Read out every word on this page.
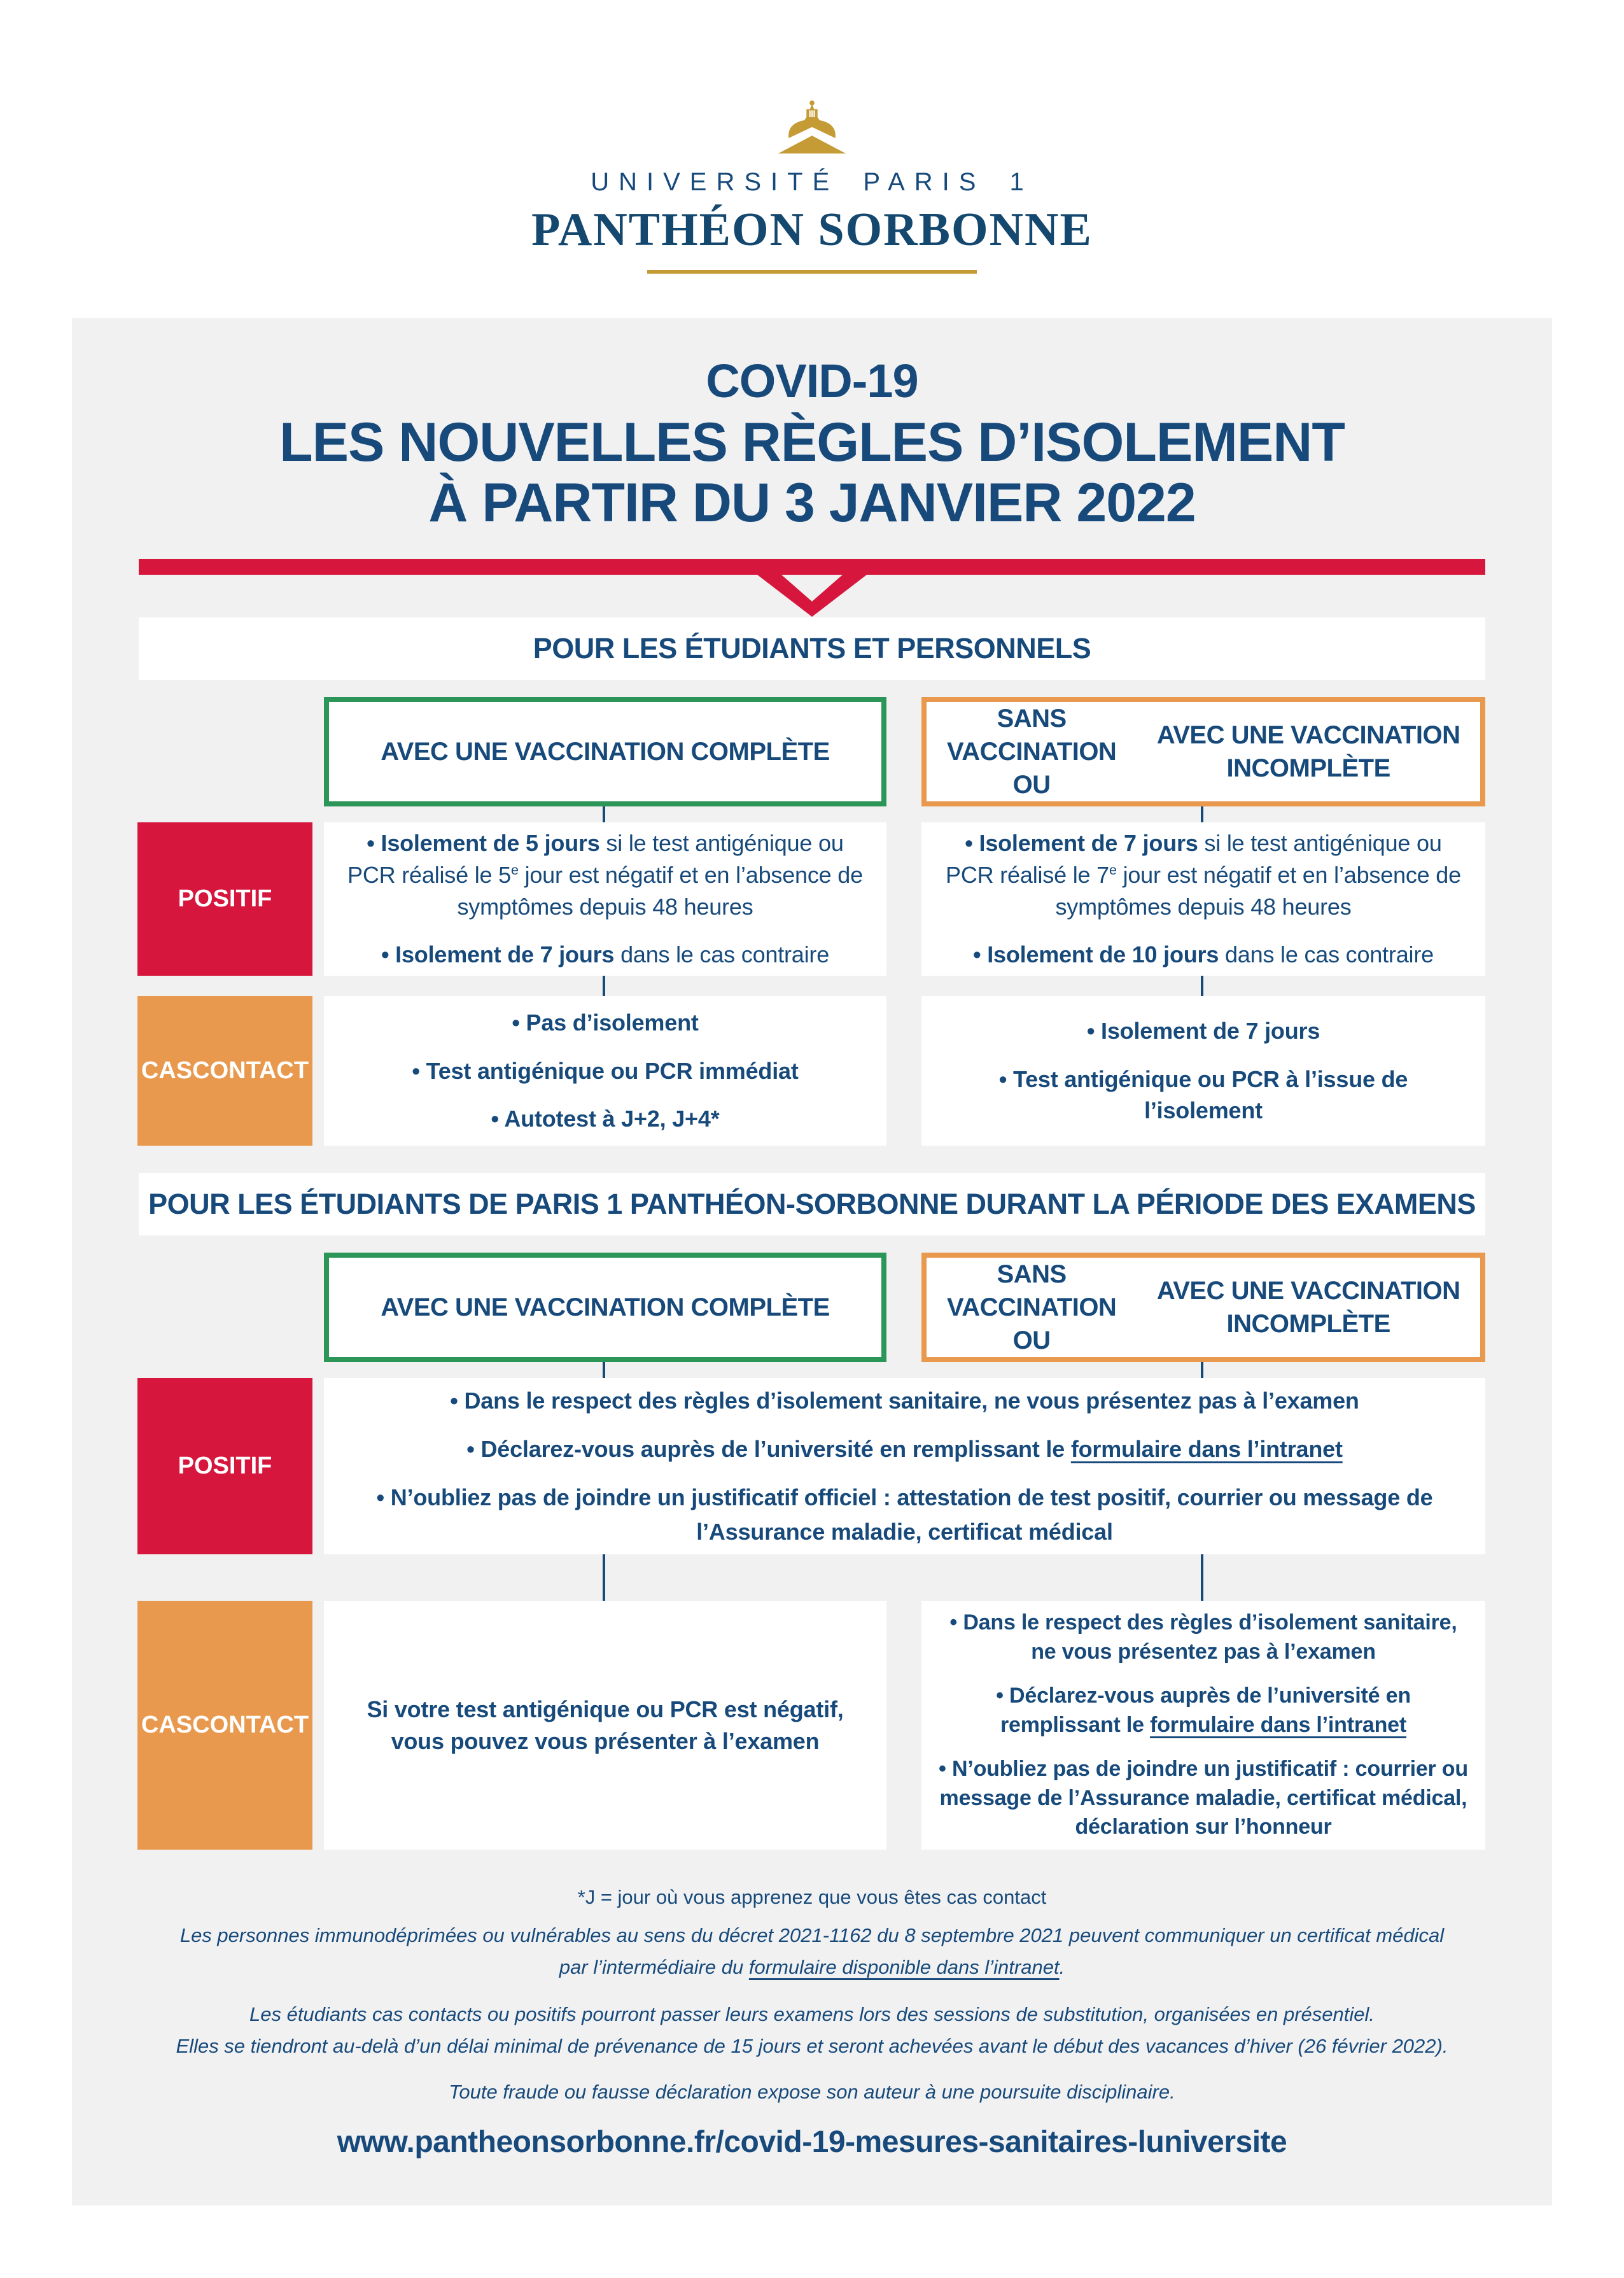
UNIVERSITÉ PARIS 1
PANTHÉON SORBONNE
COVID-19
LES NOUVELLES RÈGLES D’ISOLEMENT
À PARTIR DU 3 JANVIER 2022
POUR LES ÉTUDIANTS ET PERSONNELS
AVEC UNE VACCINATION COMPLÈTE
SANS VACCINATION OU

AVEC UNE VACCINATION INCOMPLÈTE
POSITIF
• Isolement de 5 jours si le test antigénique ou PCR réalisé le 5e jour est négatif et en l’absence de symptômes depuis 48 heures
• Isolement de 7 jours dans le cas contraire
• Isolement de 7 jours si le test antigénique ou PCR réalisé le 7e jour est négatif et en l’absence de symptômes depuis 48 heures
• Isolement de 10 jours dans le cas contraire
CAS CONTACT
• Pas d’isolement
• Test antigénique ou PCR immédiat
• Autotest à J+2, J+4*
• Isolement de 7 jours
• Test antigénique ou PCR à l’issue de l’isolement
POUR LES ÉTUDIANTS DE PARIS 1 PANTHÉON-SORBONNE DURANT LA PÉRIODE DES EXAMENS
AVEC UNE VACCINATION COMPLÈTE
SANS VACCINATION OU

AVEC UNE VACCINATION INCOMPLÈTE
POSITIF
• Dans le respect des règles d’isolement sanitaire, ne vous présentez pas à l’examen
• Déclarez-vous auprès de l’université en remplissant le formulaire dans l’intranet
• N’oubliez pas de joindre un justificatif officiel : attestation de test positif, courrier ou message de l’Assurance maladie, certificat médical
CAS CONTACT
Si votre test antigénique ou PCR est négatif, vous pouvez vous présenter à l’examen
• Dans le respect des règles d’isolement sanitaire, ne vous présentez pas à l’examen
• Déclarez-vous auprès de l’université en remplissant le formulaire dans l’intranet
• N’oubliez pas de joindre un justificatif : courrier ou message de l’Assurance maladie, certificat médical, déclaration sur l’honneur
*J = jour où vous apprenez que vous êtes cas contact
Les personnes immunodéprimées ou vulnérables au sens du décret 2021-1162 du 8 septembre 2021 peuvent communiquer un certificat médical
par l’intermédiaire du formulaire disponible dans l’intranet.
Les étudiants cas contacts ou positifs pourront passer leurs examens lors des sessions de substitution, organisées en présentiel.
Elles se tiendront au-delà d’un délai minimal de prévenance de 15 jours et seront achevées avant le début des vacances d’hiver (26 février 2022).
Toute fraude ou fausse déclaration expose son auteur à une poursuite disciplinaire.
www.pantheonsorbonne.fr/covid-19-mesures-sanitaires-luniversite
